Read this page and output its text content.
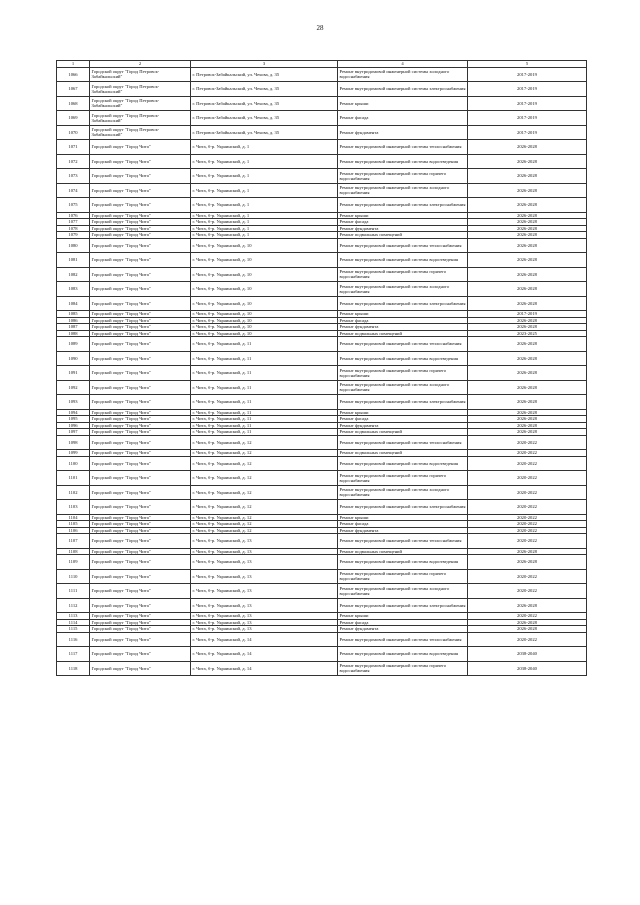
28
1	2	3	4	5
1066	Городской округ "Город Петровск-Забайкальский"	г. Петровск-Забайкальский, ул. Чехова, д. 35	Ремонт внутридомовой инженерной системы холодного водоснабжения	2017-2019
1067	Городской округ "Город Петровск-Забайкальский"	г. Петровск-Забайкальский, ул. Чехова, д. 35	Ремонт внутридомовой инженерной системы электроснабжения	2017-2019
1068	Городской округ "Город Петровск-Забайкальский"	г. Петровск-Забайкальский, ул. Чехова, д. 35	Ремонт крыши	2017-2019
1069	Городской округ "Город Петровск-Забайкальский"	г. Петровск-Забайкальский, ул. Чехова, д. 35	Ремонт фасада	2017-2019
1070	Городской округ "Город Петровск-Забайкальский"	г. Петровск-Забайкальский, ул. Чехова, д. 35	Ремонт фундамента	2017-2019
1071	Городской округ "Город Чита"	г. Чита, б-р. Украинский, д. 1	Ремонт внутридомовой инженерной системы теплоснабжения	2026-2028
1072	Городской округ "Город Чита"	г. Чита, б-р. Украинский, д. 1	Ремонт внутридомовой инженерной системы водоотведения	2026-2028
1073	Городской округ "Город Чита"	г. Чита, б-р. Украинский, д. 1	Ремонт внутридомовой инженерной системы горячего водоснабжения	2026-2028
1074	Городской округ "Город Чита"	г. Чита, б-р. Украинский, д. 1	Ремонт внутридомовой инженерной системы холодного водоснабжения	2026-2028
1075	Городской округ "Город Чита"	г. Чита, б-р. Украинский, д. 1	Ремонт внутридомовой инженерной системы электроснабжения	2026-2028
1076	Городской округ "Город Чита"	г. Чита, б-р. Украинский, д. 1	Ремонт крыши	2026-2028
1077	Городской округ "Город Чита"	г. Чита, б-р. Украинский, д. 1	Ремонт фасада	2026-2028
1078	Городской округ "Город Чита"	г. Чита, б-р. Украинский, д. 1	Ремонт фундамента	2026-2028
1079	Городской округ "Город Чита"	г. Чита, б-р. Украинский, д. 1	Ремонт подвальных помещений	2026-2028
1080	Городской округ "Город Чита"	г. Чита, б-р. Украинский, д. 10	Ремонт внутридомовой инженерной системы теплоснабжения	2026-2028
1081	Городской округ "Город Чита"	г. Чита, б-р. Украинский, д. 10	Ремонт внутридомовой инженерной системы водоотведения	2026-2028
1082	Городской округ "Город Чита"	г. Чита, б-р. Украинский, д. 10	Ремонт внутридомовой инженерной системы горячего водоснабжения	2026-2028
1083	Городской округ "Город Чита"	г. Чита, б-р. Украинский, д. 10	Ремонт внутридомовой инженерной системы холодного водоснабжения	2026-2028
1084	Городской округ "Город Чита"	г. Чита, б-р. Украинский, д. 10	Ремонт внутридомовой инженерной системы электроснабжения	2026-2028
1085	Городской округ "Город Чита"	г. Чита, б-р. Украинский, д. 10	Ремонт крыши	2017-2019
1086	Городской округ "Город Чита"	г. Чита, б-р. Украинский, д. 10	Ремонт фасада	2026-2028
1087	Городской округ "Город Чита"	г. Чита, б-р. Украинский, д. 10	Ремонт фундамента	2026-2028
1088	Городской округ "Город Чита"	г. Чита, б-р. Украинский, д. 10	Ремонт подвальных помещений	2023-2025
1089	Городской округ "Город Чита"	г. Чита, б-р. Украинский, д. 11	Ремонт внутридомовой инженерной системы теплоснабжения	2026-2028
1090	Городской округ "Город Чита"	г. Чита, б-р. Украинский, д. 11	Ремонт внутридомовой инженерной системы водоотведения	2026-2028
1091	Городской округ "Город Чита"	г. Чита, б-р. Украинский, д. 11	Ремонт внутридомовой инженерной системы горячего водоснабжения	2026-2028
1092	Городской округ "Город Чита"	г. Чита, б-р. Украинский, д. 11	Ремонт внутридомовой инженерной системы холодного водоснабжения	2026-2028
1093	Городской округ "Город Чита"	г. Чита, б-р. Украинский, д. 11	Ремонт внутридомовой инженерной системы электроснабжения	2026-2028
1094	Городской округ "Город Чита"	г. Чита, б-р. Украинский, д. 11	Ремонт крыши	2026-2028
1095	Городской округ "Город Чита"	г. Чита, б-р. Украинский, д. 11	Ремонт фасада	2026-2028
1096	Городской округ "Город Чита"	г. Чита, б-р. Украинский, д. 11	Ремонт фундамента	2026-2028
1097	Городской округ "Город Чита"	г. Чита, б-р. Украинский, д. 11	Ремонт подвальных помещений	2026-2028
1098	Городской округ "Город Чита"	г. Чита, б-р. Украинский, д. 12	Ремонт внутридомовой инженерной системы теплоснабжения	2020-2022
1099	Городской округ "Город Чита"	г. Чита, б-р. Украинский, д. 12	Ремонт подвальных помещений	2020-2022
1100	Городской округ "Город Чита"	г. Чита, б-р. Украинский, д. 12	Ремонт внутридомовой инженерной системы водоотведения	2020-2022
1101	Городской округ "Город Чита"	г. Чита, б-р. Украинский, д. 12	Ремонт внутридомовой инженерной системы горячего водоснабжения	2020-2022
1102	Городской округ "Город Чита"	г. Чита, б-р. Украинский, д. 12	Ремонт внутридомовой инженерной системы холодного водоснабжения	2020-2022
1103	Городской округ "Город Чита"	г. Чита, б-р. Украинский, д. 12	Ремонт внутридомовой инженерной системы электроснабжения	2020-2022
1104	Городской округ "Город Чита"	г. Чита, б-р. Украинский, д. 12	Ремонт крыши	2020-2022
1105	Городской округ "Город Чита"	г. Чита, б-р. Украинский, д. 12	Ремонт фасада	2020-2022
1106	Городской округ "Город Чита"	г. Чита, б-р. Украинский, д. 12	Ремонт фундамента	2020-2022
1107	Городской округ "Город Чита"	г. Чита, б-р. Украинский, д. 13	Ремонт внутридомовой инженерной системы теплоснабжения	2020-2022
1108	Городской округ "Город Чита"	г. Чита, б-р. Украинский, д. 13	Ремонт подвальных помещений	2026-2028
1109	Городской округ "Город Чита"	г. Чита, б-р. Украинский, д. 13	Ремонт внутридомовой инженерной системы водоотведения	2026-2028
1110	Городской округ "Город Чита"	г. Чита, б-р. Украинский, д. 13	Ремонт внутридомовой инженерной системы горячего водоснабжения	2020-2022
1111	Городской округ "Город Чита"	г. Чита, б-р. Украинский, д. 13	Ремонт внутридомовой инженерной системы холодного водоснабжения	2020-2022
1112	Городской округ "Город Чита"	г. Чита, б-р. Украинский, д. 13	Ремонт внутридомовой инженерной системы электроснабжения	2026-2028
1113	Городской округ "Город Чита"	г. Чита, б-р. Украинский, д. 13	Ремонт крыши	2020-2022
1114	Городской округ "Город Чита"	г. Чита, б-р. Украинский, д. 13	Ремонт фасада	2026-2028
1115	Городской округ "Город Чита"	г. Чита, б-р. Украинский, д. 13	Ремонт фундамента	2026-2028
1116	Городской округ "Город Чита"	г. Чита, б-р. Украинский, д. 14	Ремонт внутридомовой инженерной системы теплоснабжения	2020-2022
1117	Городской округ "Город Чита"	г. Чита, б-р. Украинский, д. 14	Ремонт внутридомовой инженерной системы водоотведения	2038-2040
1118	Городской округ "Город Чита"	г. Чита, б-р. Украинский, д. 14	Ремонт внутридомовой инженерной системы горячего водоснабжения	2038-2040
